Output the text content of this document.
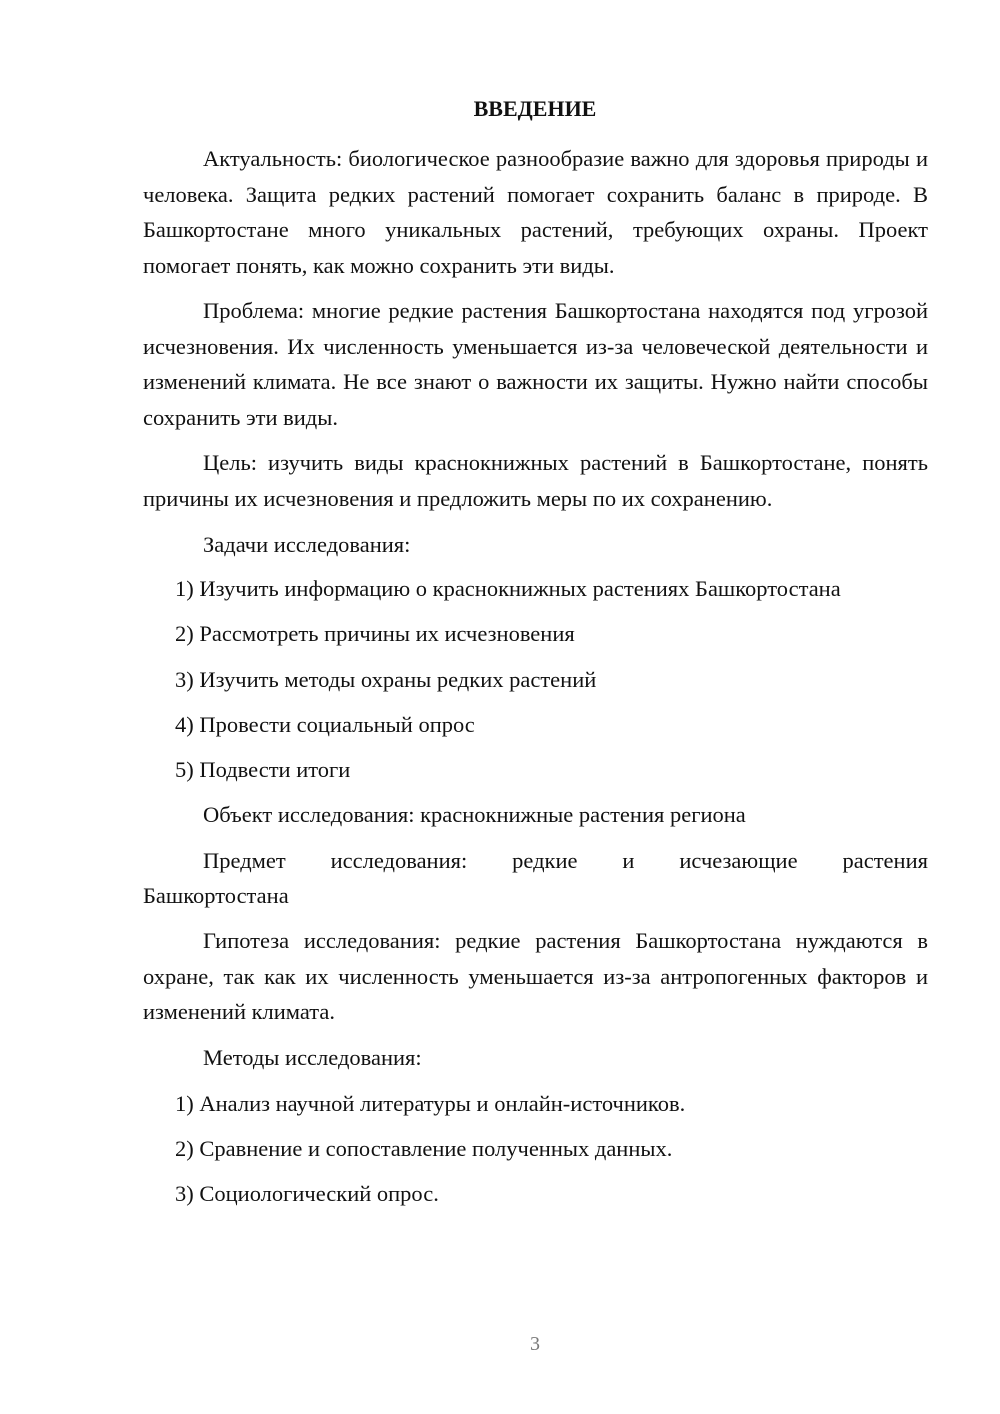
ВВЕДЕНИЕ

Актуальность: биологическое разнообразие важно для здоровья природы и человека. Защита редких растений помогает сохранить баланс в природе. В Башкортостане много уникальных растений, требующих охраны. Проект помогает понять, как можно сохранить эти виды.

Проблема: многие редкие растения Башкортостана находятся под угрозой исчезновения. Их численность уменьшается из-за человеческой деятельности и изменений климата. Не все знают о важности их защиты. Нужно найти способы сохранить эти виды.

Цель: изучить виды краснокнижных растений в Башкортостане, понять причины их исчезновения и предложить меры по их сохранению.

Задачи исследования:

1) Изучить информацию о краснокнижных растениях Башкортостана

2) Рассмотреть причины их исчезновения

3) Изучить методы охраны редких растений

4) Провести социальный опрос

5) Подвести итоги

Объект исследования: краснокнижные растения региона

Предмет исследования: редкие и исчезающие растения

Башкортостана

Гипотеза исследования: редкие растения Башкортостана нуждаются в охране, так как их численность уменьшается из-за антропогенных факторов и изменений климата.

Методы исследования:

1) Анализ научной литературы и онлайн-источников.

2) Сравнение и сопоставление полученных данных.

3) Социологический опрос.

3
